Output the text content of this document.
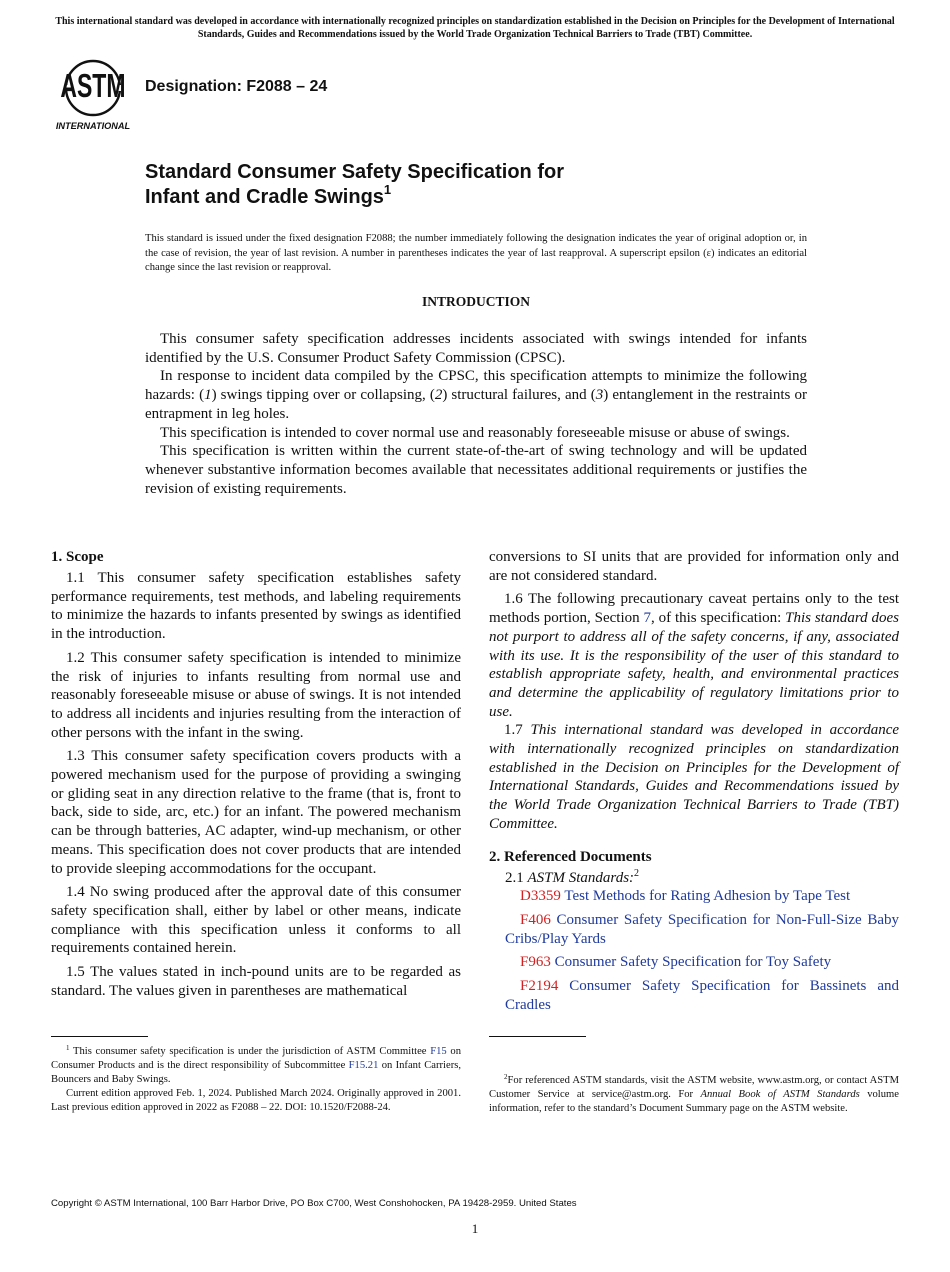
This international standard was developed in accordance with internationally recognized principles on standardization established in the Decision on Principles for the Development of International Standards, Guides and Recommendations issued by the World Trade Organization Technical Barriers to Trade (TBT) Committee.
ASTM
INTERNATIONAL
Designation: F2088 – 24
Standard Consumer Safety Specification for
Infant and Cradle Swings$^1$
This standard is issued under the fixed designation F2088; the number immediately following the designation indicates the year of original adoption or, in the case of revision, the year of last revision. A number in parentheses indicates the year of last reapproval. A superscript epsilon (ε) indicates an editorial change since the last revision or reapproval.
INTRODUCTION

This consumer safety specification addresses incidents associated with swings intended for infants identified by the U.S. Consumer Product Safety Commission (CPSC).

In response to incident data compiled by the CPSC, this specification attempts to minimize the following hazards: (1) swings tipping over or collapsing, (2) structural failures, and (3) entanglement in the restraints or entrapment in leg holes.

This specification is intended to cover normal use and reasonably foreseeable misuse or abuse of swings.

This specification is written within the current state-of-the-art of swing technology and will be updated whenever substantive information becomes available that necessitates additional requirements or justifies the revision of existing requirements.

1. Scope

1.1 This consumer safety specification establishes safety performance requirements, test methods, and labeling requirements to minimize the hazards to infants presented by swings as identified in the introduction.

1.2 This consumer safety specification is intended to minimize the risk of injuries to infants resulting from normal use and reasonably foreseeable misuse or abuse of swings. It is not intended to address all incidents and injuries resulting from the interaction of other persons with the infant in the swing.

1.3 This consumer safety specification covers products with a powered mechanism used for the purpose of providing a swinging or gliding seat in any direction relative to the frame (that is, front to back, side to side, arc, etc.) for an infant. The powered mechanism can be through batteries, AC adapter, wind-up mechanism, or other means. This specification does not cover products that are intended to provide sleeping accommodations for the occupant.

1.4 No swing produced after the approval date of this consumer safety specification shall, either by label or other means, indicate compliance with this specification unless it conforms to all requirements contained herein.

1.5 The values stated in inch-pound units are to be regarded as standard. The values given in parentheses are mathematical

conversions to SI units that are provided for information only and are not considered standard.

1.6 The following precautionary caveat pertains only to the test methods portion, Section 7, of this specification: This standard does not purport to address all of the safety concerns, if any, associated with its use. It is the responsibility of the user of this standard to establish appropriate safety, health, and environmental practices and determine the applicability of regulatory limitations prior to use.

1.7 This international standard was developed in accordance with internationally recognized principles on standardization established in the Decision on Principles for the Development of International Standards, Guides and Recommendations issued by the World Trade Organization Technical Barriers to Trade (TBT) Committee.

2. Referenced Documents

2.1 ASTM Standards:$^2$

D3359 Test Methods for Rating Adhesion by Tape Test

F406 Consumer Safety Specification for Non-Full-Size Baby Cribs/Play Yards

F963 Consumer Safety Specification for Toy Safety

F2194 Consumer Safety Specification for Bassinets and Cradles

$^1$ This consumer safety specification is under the jurisdiction of ASTM Committee F15 on Consumer Products and is the direct responsibility of Subcommittee F15.21 on Infant Carriers, Bouncers and Baby Swings.

Current edition approved Feb. 1, 2024. Published March 2024. Originally approved in 2001. Last previous edition approved in 2022 as F2088 – 22. DOI: 10.1520/F2088-24.

$^2$For referenced ASTM standards, visit the ASTM website, www.astm.org, or contact ASTM Customer Service at service@astm.org. For Annual Book of ASTM Standards volume information, refer to the standard’s Document Summary page on the ASTM website.

Copyright © ASTM International, 100 Barr Harbor Drive, PO Box C700, West Conshohocken, PA 19428-2959. United States
1
